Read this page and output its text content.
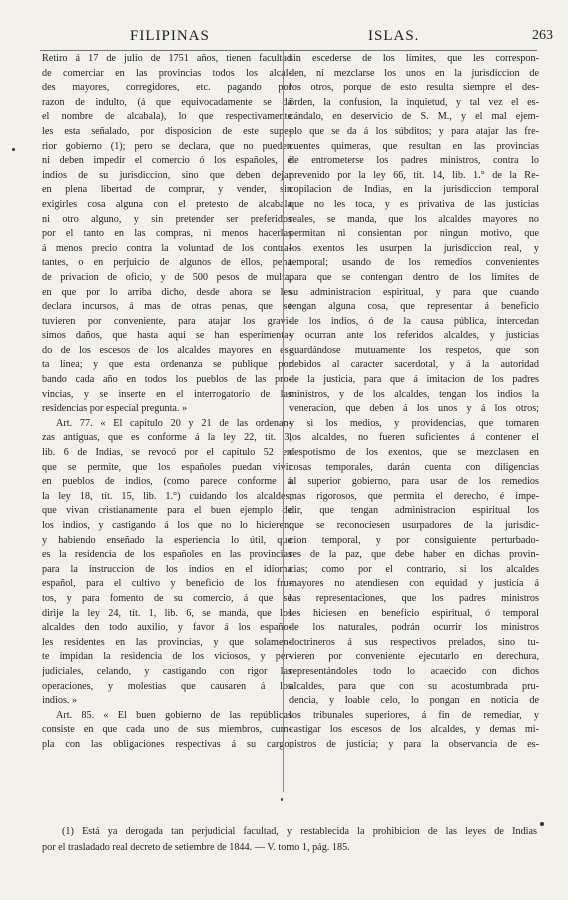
FILIPINAS	ISLAS.	263
Retiro á 17 de julio de 1751 años, tienen facultad
de comerciar en las provincias todos los alcal-
des mayores, corregidores, etc. pagando por
razon de indulto, (á que equivocadamente se dá
el nombre de alcabala), lo que respectivamente
les esta señalado, por disposicion de este supe-
rior gobierno (1); pero se declara, que no pueden
ni deben impedir el comercio ó los españoles, é
indios de su jurisdiccion, sino que deben dejar
en plena libertad de comprar, y vender, sin
exigirles cosa alguna con el pretesto de alcabala
ni otro alguno, y sin pretender ser preferidos
por el tanto en las compras, ni menos hacerlas
á menos precio contra la voluntad de los contra-
tantes, o en perjuicio de algunos de ellos, pena
de privacion de oficio, y de 500 pesos de multa,
en que por lo arriba dicho, desde ahora se les
declara incursos, á mas de otras penas, que se
tuvieren por conveniente, para atajar los gravi-
simos daños, que hasta aquí se han esperimenta-
do de los escesos de los alcaldes mayores en es-
ta línea; y que esta ordenanza se publique por
bando cada año en todos los pueblos de las pro-
vincias, y se inserte en el interrogatorio de las
residencias por especial pregunta. »
Art. 77. « El capítulo 20 y 21 de las ordenan-
zas antiguas, que es conforme á la ley 22, tít. 3,
lib. 6 de Indias, se revocó por el capítulo 52 en
que se permite, que los españoles puedan vivir
en pueblos de indios, (como parece conforme á
la ley 18, tít. 15, lib. 1.°) cuidando los alcaldes,
que vivan cristianamente para el buen ejemplo de
los indios, y castigando á los que no lo hicieren;
y habiendo enseñado la esperiencia lo útil, que
es la residencia de los españoles en las provincias
para la instruccion de los indios en el idioma
español, para el cultivo y beneficio de los fru-
tos, y para fomento de su comercio, á que se
dirije la ley 24, tít. 1, lib. 6, se manda, que los
alcaldes den todo auxilio, y favor á los españo-
les residentes en las provincias, y que solamen-
te impidan la residencia de los viciosos, y per-
judiciales, celando, y castigando con rigor las
operaciones, y molestias que causaren á los
indios. »
Art. 85. « El buen gobierno de las repúblicas
consiste en que cada uno de sus miembros, cum-
pla con las obligaciones respectivas á su cargo,
sin escederse de los límites, que les correspon-
den, ni mezclarse los unos en la jurisdiccion de
los otros, porque de esto resulta siempre el des-
órden, la confusion, la inquietud, y tal vez el es-
cándalo, en deservicio de S. M., y el mal ejem-
plo que se da á los súbditos; y para atajar las fre-
cuentes quimeras, que resultan en las provincias
de entrometerse los padres ministros, contra lo
prevenido por la ley 66, tít. 14, lib. 1.° de la Re-
copilacion de Indias, en la jurisdiccion temporal
que no les toca, y es privativa de las justicias
reales, se manda, que los alcaldes mayores no
permitan ni consientan por ningun motivo, que
los exentos les usurpen la jurisdiccion real, y
temporal; usando de los remedios convenientes
para que se contengan dentro de los límites de
su administracion espiritual, y para que cuando
tengan alguna cosa, que representar á beneficio
de los indios, ó de la causa pública, intercedan
y ocurran ante los referidos alcaldes, y justicias
guardándose mutuamente los respetos, que son
debidos al caracter sacerdotal, y á la autoridad
de la justicia, para que á imitacion de los padres
ministros, y de los alcaldes, tengan los indios la
veneracion, que deben á los unos y á los otros;
y si los medios, y providencias, que tomaren
los alcaldes, no fueren suficientes á contener el
despotismo de los exentos, que se mezclasen en
cosas temporales, darán cuenta con diligencias
al superior gobierno, para usar de los remedios
mas rigorosos, que permita el derecho, é impe-
dir, que tengan administracion espiritual los
que se reconociesen usurpadores de la jurisdic-
cion temporal, y por consiguiente perturbado-
res de la paz, que debe haber en dichas provin-
cias; como por el contrario, si los alcaldes
mayores no atendiesen con equidad y justicia á
las representaciones, que los padres ministros
les hiciesen en beneficio espiritual, ó temporal
de los naturales, podrán ocurrir los ministros
doctrineros á sus respectivos prelados, sino tu-
vieren por conveniente ejecutarlo en derechura,
representándoles todo lo acaecido con dichos
alcaldes, para que con su acostumbrada pru-
dencia, y loable celo, lo pongan en noticia de
los tribunales superiores, á fin de remediar, y
castigar los escesos de los alcaldes, y demas mi-
nistros de justicia; y para la observancia de es-
(1) Está ya derogada tan perjudicial facultad, y restablecida la prohibicion de las leyes de Indias
por el trasladado real decreto de setiembre de 1844. — V. tomo 1, pág. 185.
